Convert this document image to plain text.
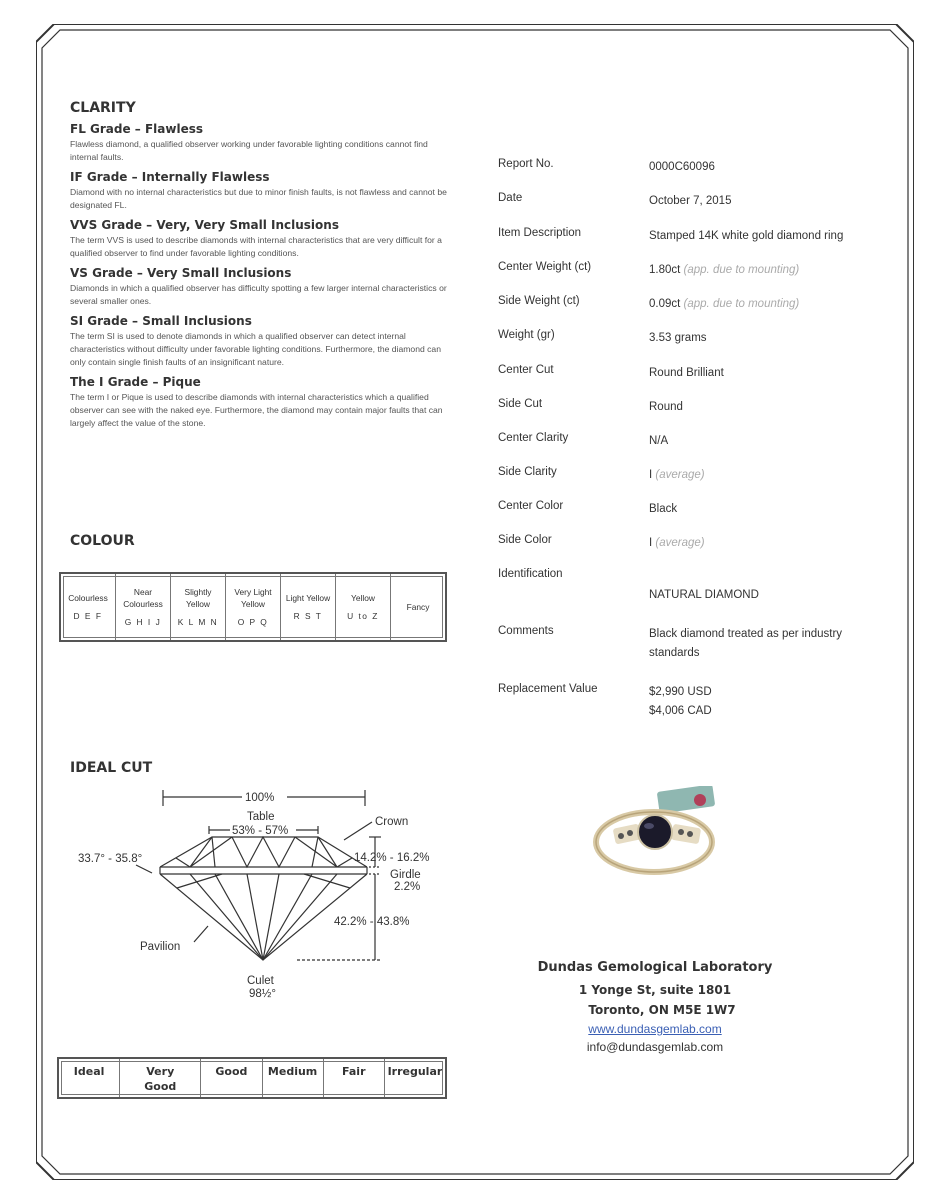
CLARITY
FL Grade – Flawless

Flawless diamond, a qualified observer working under favorable lighting conditions cannot find internal faults.

IF Grade – Internally Flawless

Diamond with no internal characteristics but due to minor finish faults, is not flawless and cannot be designated FL.

VVS Grade – Very, Very Small Inclusions

The term VVS is used to describe diamonds with internal characteristics that are very difficult for a qualified observer to find under favorable lighting conditions.

VS Grade – Very Small Inclusions

Diamonds in which a qualified observer has difficulty spotting a few larger internal characteristics or several smaller ones.

SI Grade – Small Inclusions

The term SI is used to denote diamonds in which a qualified observer can detect internal characteristics without difficulty under favorable lighting conditions. Furthermore, the diamond can only contain single finish faults of an insignificant nature.

The I Grade – Pique

The term I or Pique is used to describe diamonds with internal characteristics which a qualified observer can see with the naked eye. Furthermore, the diamond may contain major faults that can largely affect the value of the stone.

COLOUR
Colourless
D E F
Near Colourless
G H I J
Slightly Yellow
K L M N
Very Light Yellow
O P Q
Light Yellow
R S T
Yellow
U to Z
Fancy
IDEAL CUT
100%
Table
53% - 57%
Crown
33.7° - 35.8°	14.2% - 16.2%
Girdle
2.2%
42.2% - 43.8%
Pavilion
Culet
98½°
Ideal	Very Good
Good	Medium	Fair	Irregular
Report No.	0000C60096
Date	October 7, 2015
Item Description	Stamped 14K white gold diamond ring
Center Weight (ct)	1.80ct (app. due to mounting)
Side Weight (ct)	0.09ct (app. due to mounting)
Weight (gr)	3.53 grams
Center Cut	Round Brilliant
Side Cut	Round
Center Clarity	N/A
Side Clarity	I (average)
Center Color	Black
Side Color	I (average)
Identification
NATURAL DIAMOND
Comments	Black diamond treated as per industry standards
Replacement Value	$2,990 USD
$4,006 CAD
Dundas Gemological Laboratory
1 Yonge St, suite 1801
Toronto, ON M5E 1W7
www.dundasgemlab.com
info@dundasgemlab.com
